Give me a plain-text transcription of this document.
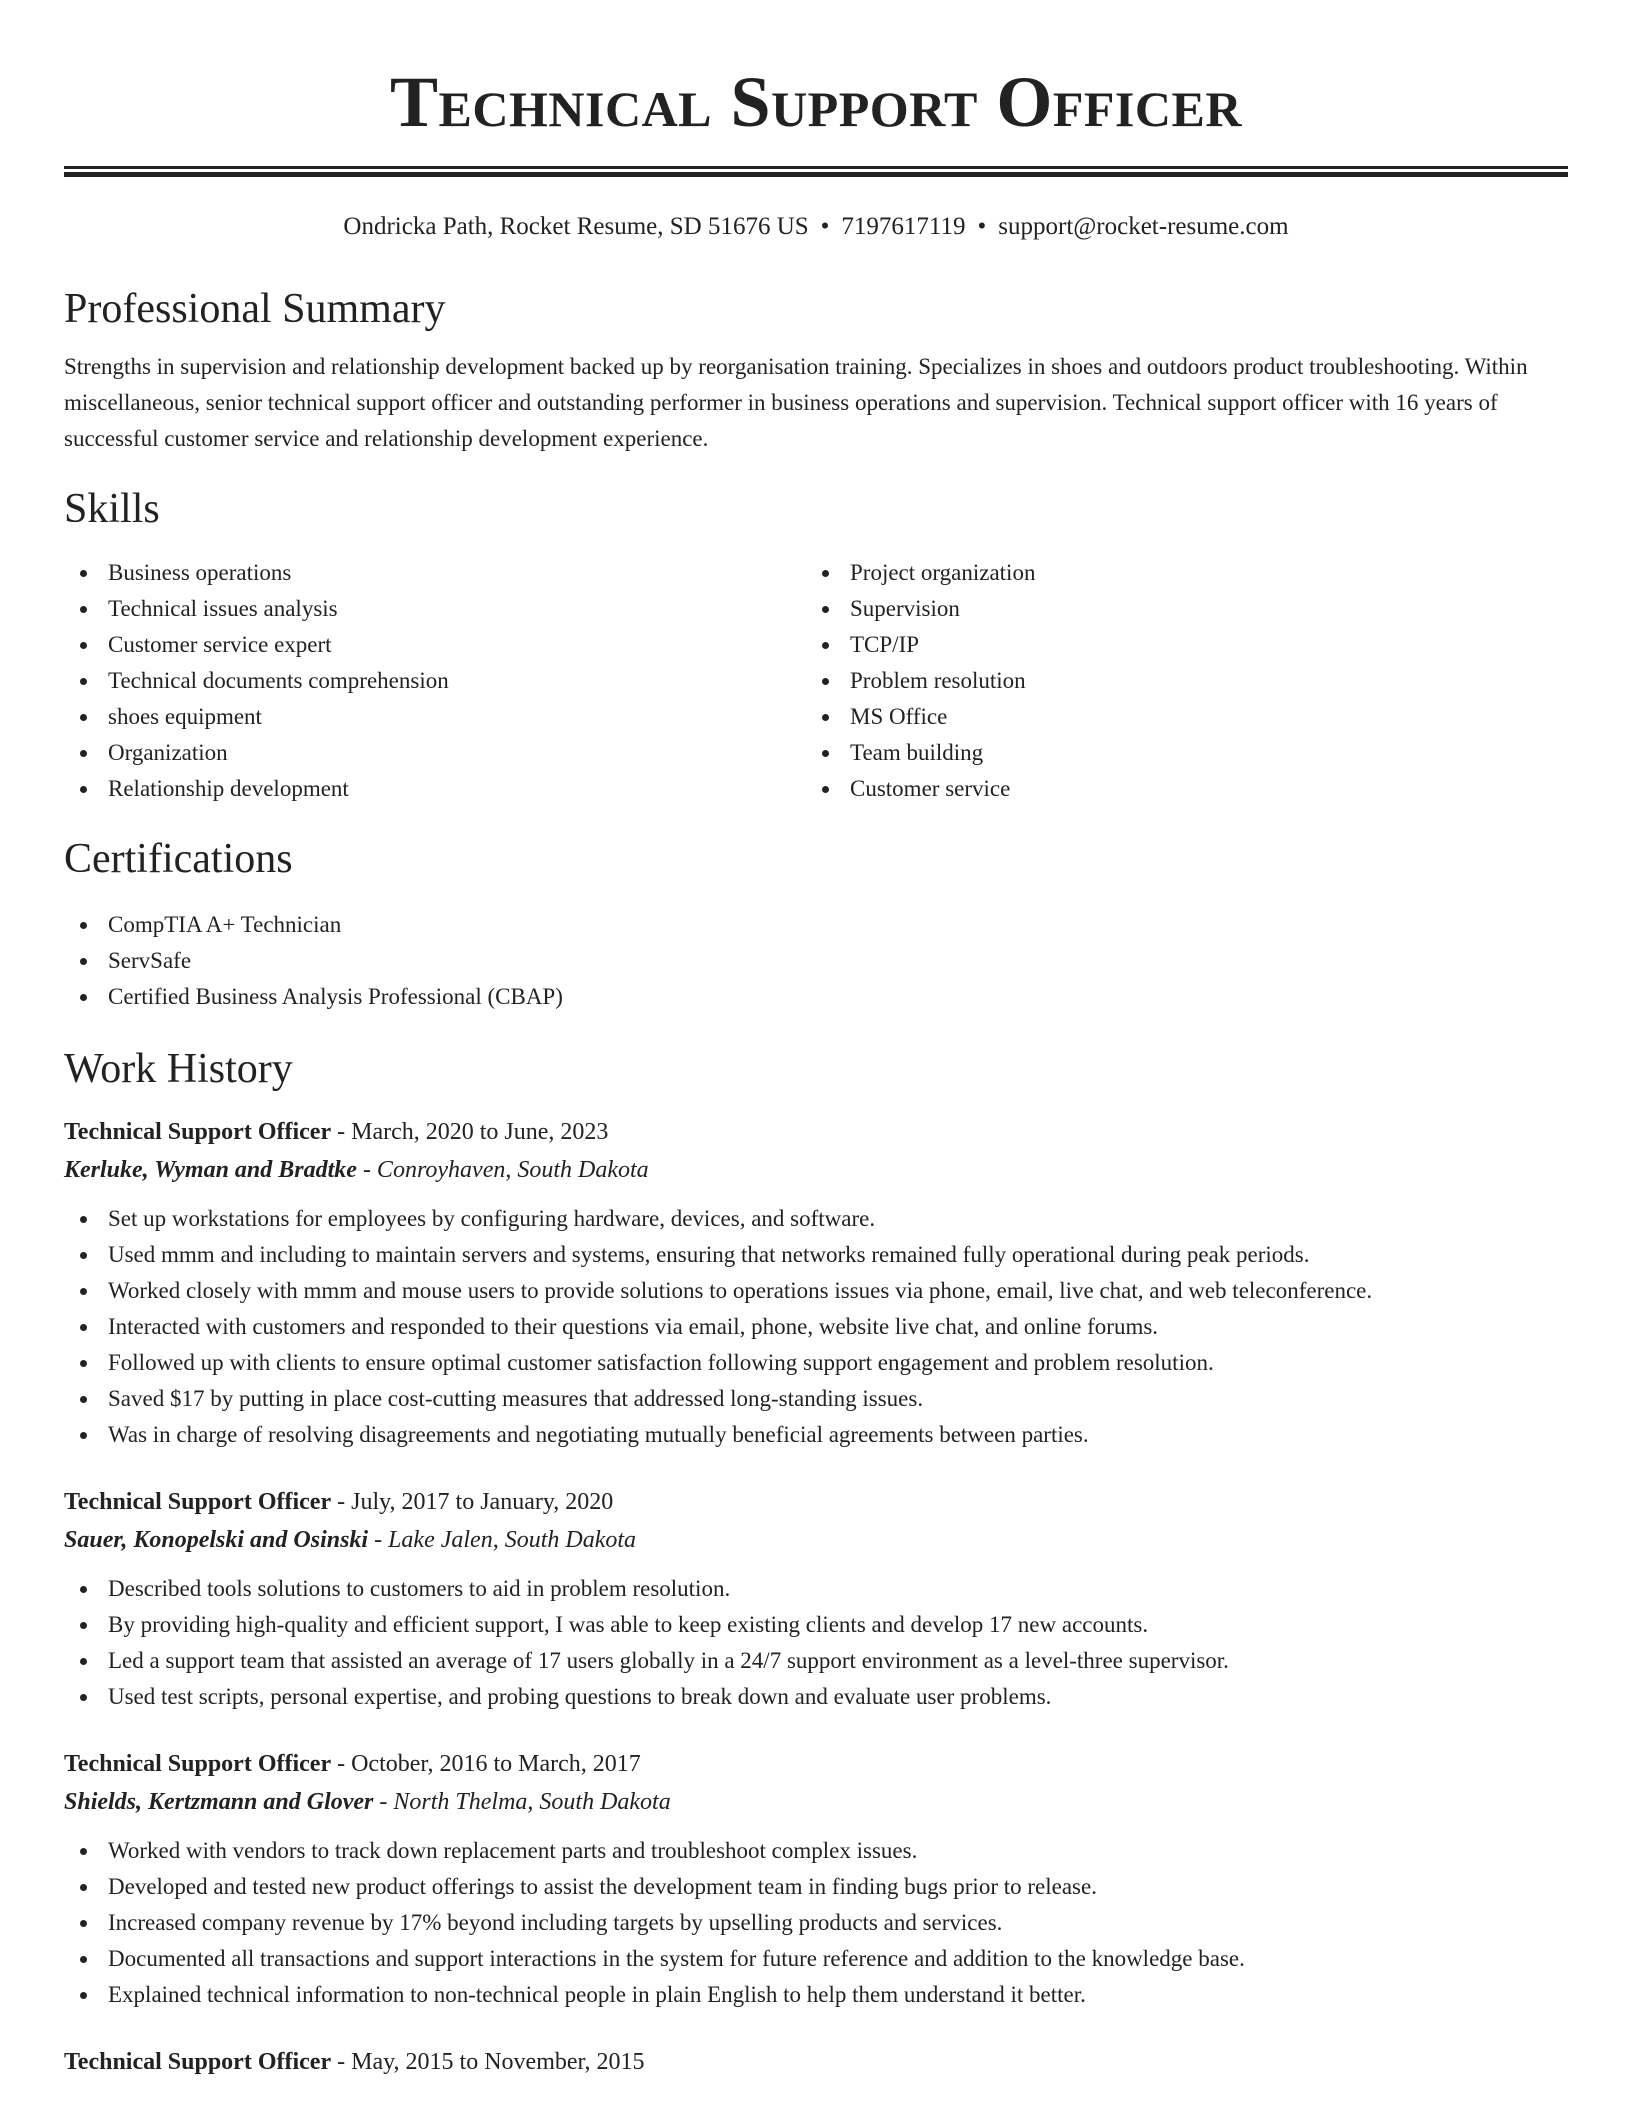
Technical Support Officer
Ondricka Path, Rocket Resume, SD 51676 US • 7197617119 • support@rocket-resume.com
Professional Summary

Strengths in supervision and relationship development backed up by reorganisation training. Specializes in shoes and outdoors product troubleshooting. Within miscellaneous, senior technical support officer and outstanding performer in business operations and supervision. Technical support officer with 16 years of successful customer service and relationship development experience.

Skills
Business operations
Technical issues analysis
Customer service expert
Technical documents comprehension
shoes equipment
Organization
Relationship development
Project organization
Supervision
TCP/IP
Problem resolution
MS Office
Team building
Customer service
Certifications
CompTIA A+ Technician
ServSafe
Certified Business Analysis Professional (CBAP)
Work History
Technical Support Officer - March, 2020 to June, 2023
Kerluke, Wyman and Bradtke - Conroyhaven, South Dakota
Set up workstations for employees by configuring hardware, devices, and software.
Used mmm and including to maintain servers and systems, ensuring that networks remained fully operational during peak periods.
Worked closely with mmm and mouse users to provide solutions to operations issues via phone, email, live chat, and web teleconference.
Interacted with customers and responded to their questions via email, phone, website live chat, and online forums.
Followed up with clients to ensure optimal customer satisfaction following support engagement and problem resolution.
Saved $17 by putting in place cost-cutting measures that addressed long-standing issues.
Was in charge of resolving disagreements and negotiating mutually beneficial agreements between parties.
Technical Support Officer - July, 2017 to January, 2020
Sauer, Konopelski and Osinski - Lake Jalen, South Dakota
Described tools solutions to customers to aid in problem resolution.
By providing high-quality and efficient support, I was able to keep existing clients and develop 17 new accounts.
Led a support team that assisted an average of 17 users globally in a 24/7 support environment as a level-three supervisor.
Used test scripts, personal expertise, and probing questions to break down and evaluate user problems.
Technical Support Officer - October, 2016 to March, 2017
Shields, Kertzmann and Glover - North Thelma, South Dakota
Worked with vendors to track down replacement parts and troubleshoot complex issues.
Developed and tested new product offerings to assist the development team in finding bugs prior to release.
Increased company revenue by 17% beyond including targets by upselling products and services.
Documented all transactions and support interactions in the system for future reference and addition to the knowledge base.
Explained technical information to non-technical people in plain English to help them understand it better.
Technical Support Officer - May, 2015 to November, 2015
